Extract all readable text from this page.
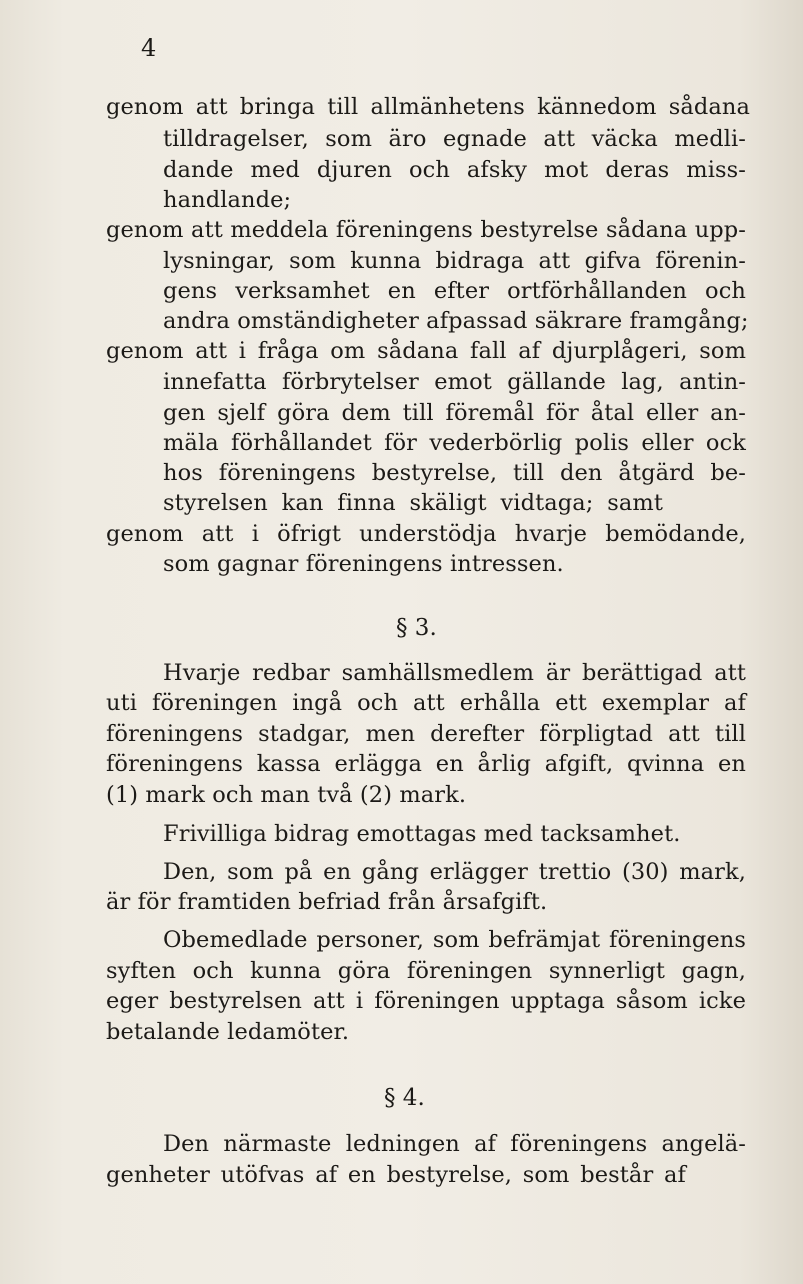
4
genom att bringa till allmänhetens kännedom sådana
tilldragelser, som äro egnade att väcka medli-
dande med djuren och afsky mot deras miss-
handlande;
genom att meddela föreningens bestyrelse sådana upp-
lysningar, som kunna bidraga att gifva förenin-
gens verksamhet en efter ortförhållanden och
andra omständigheter afpassad säkrare framgång;
genom att i fråga om sådana fall af djurplågeri, som
innefatta förbrytelser emot gällande lag, antin-
gen sjelf göra dem till föremål för åtal eller an-
mäla förhållandet för vederbörlig polis eller ock
hos föreningens bestyrelse, till den åtgärd be-
styrelsen kan finna skäligt vidtaga; samt
genom att i öfrigt understödja hvarje bemödande,
som gagnar föreningens intressen.
§ 3.
Hvarje redbar samhällsmedlem är berättigad att
uti föreningen ingå och att erhålla ett exemplar af
föreningens stadgar, men derefter förpligtad att till
föreningens kassa erlägga en årlig afgift, qvinna en
(1) mark och man två (2) mark.
Frivilliga bidrag emottagas med tacksamhet.
Den, som på en gång erlägger trettio (30) mark,
är för framtiden befriad från årsafgift.
Obemedlade personer, som befrämjat föreningens
syften och kunna göra föreningen synnerligt gagn,
eger bestyrelsen att i föreningen upptaga såsom icke
betalande ledamöter.
§ 4.
Den närmaste ledningen af föreningens angelä-
genheter utöfvas af en bestyrelse, som består af
